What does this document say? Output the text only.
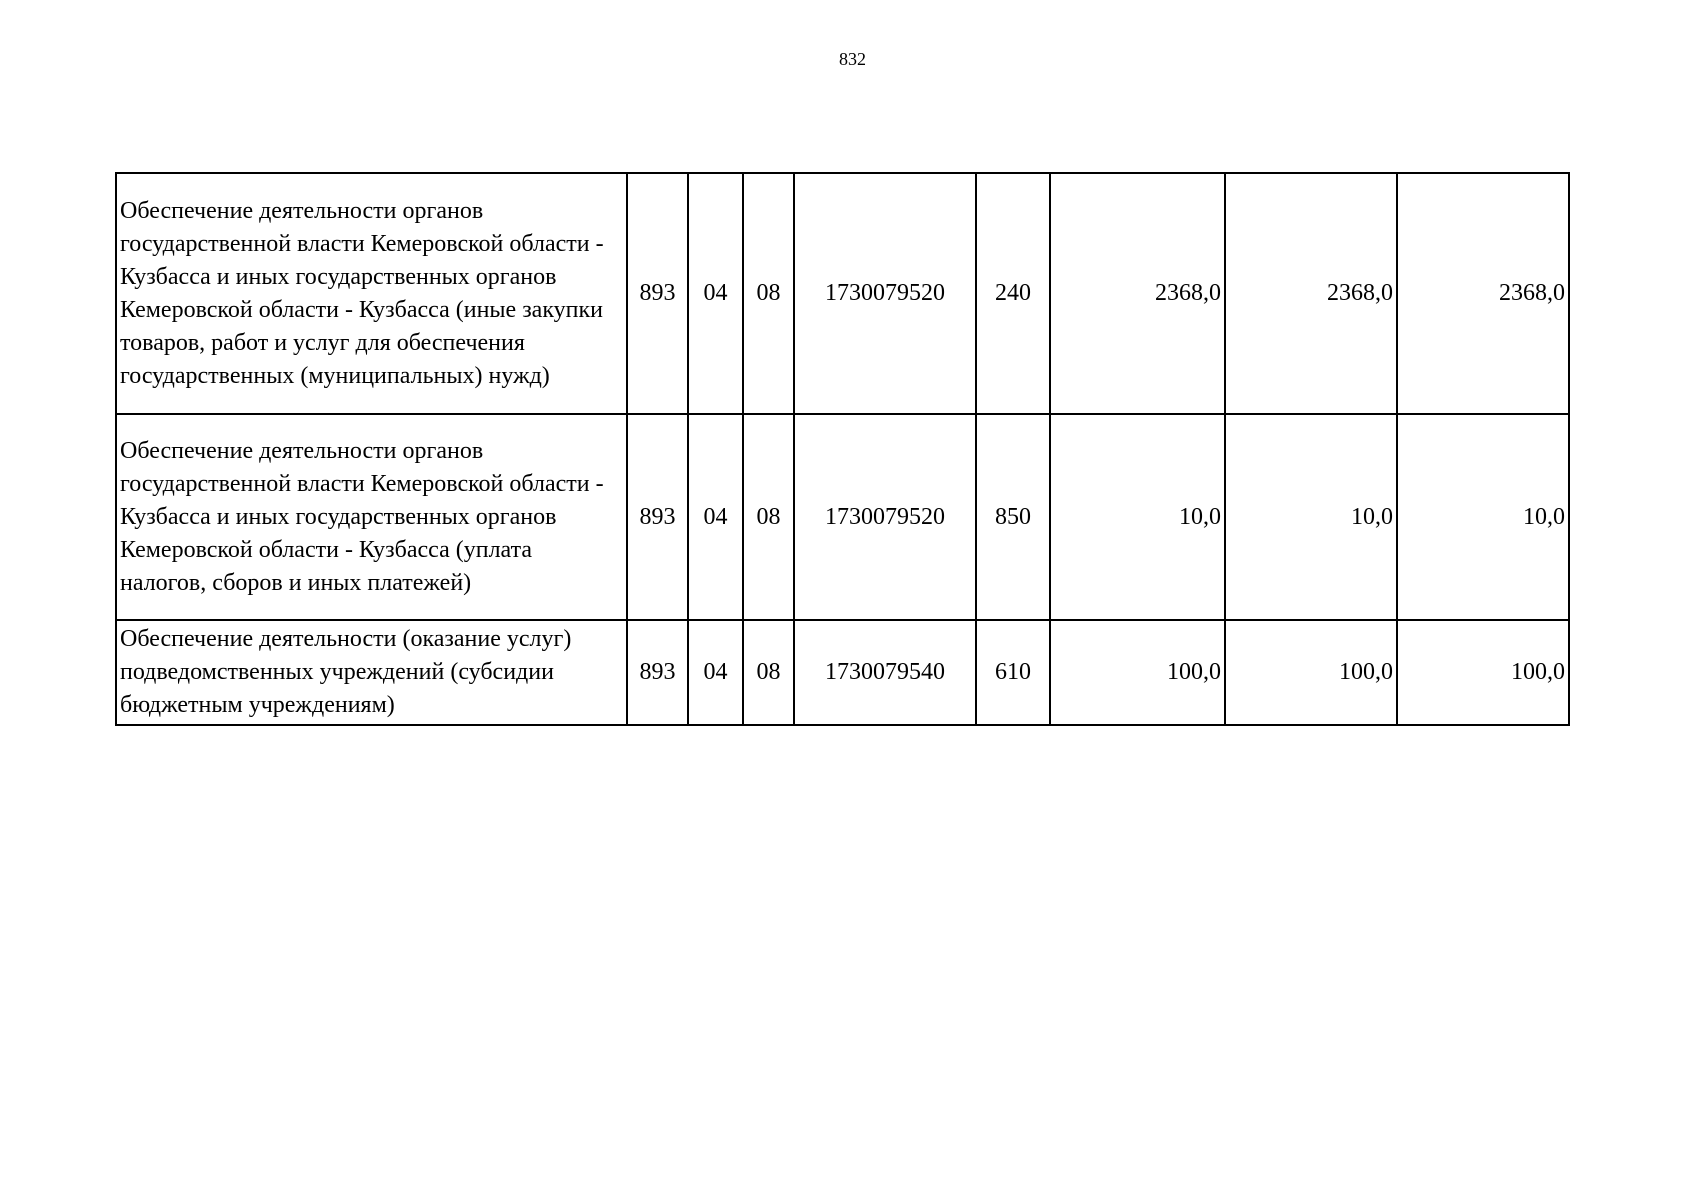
832
Обеспечение деятельности органов государственной власти Кемеровской области - Кузбасса и иных государственных органов Кемеровской области - Кузбасса (иные закупки товаров, работ и услуг для обеспечения государственных (муниципальных) нужд)	893	04	08	1730079520	240	2368,0	2368,0	2368,0
Обеспечение деятельности органов государственной власти Кемеровской области - Кузбасса и иных государственных органов Кемеровской области - Кузбасса (уплата налогов, сборов и иных платежей)	893	04	08	1730079520	850	10,0	10,0	10,0
Обеспечение деятельности (оказание услуг) подведомственных учреждений (субсидии бюджетным учреждениям)	893	04	08	1730079540	610	100,0	100,0	100,0
